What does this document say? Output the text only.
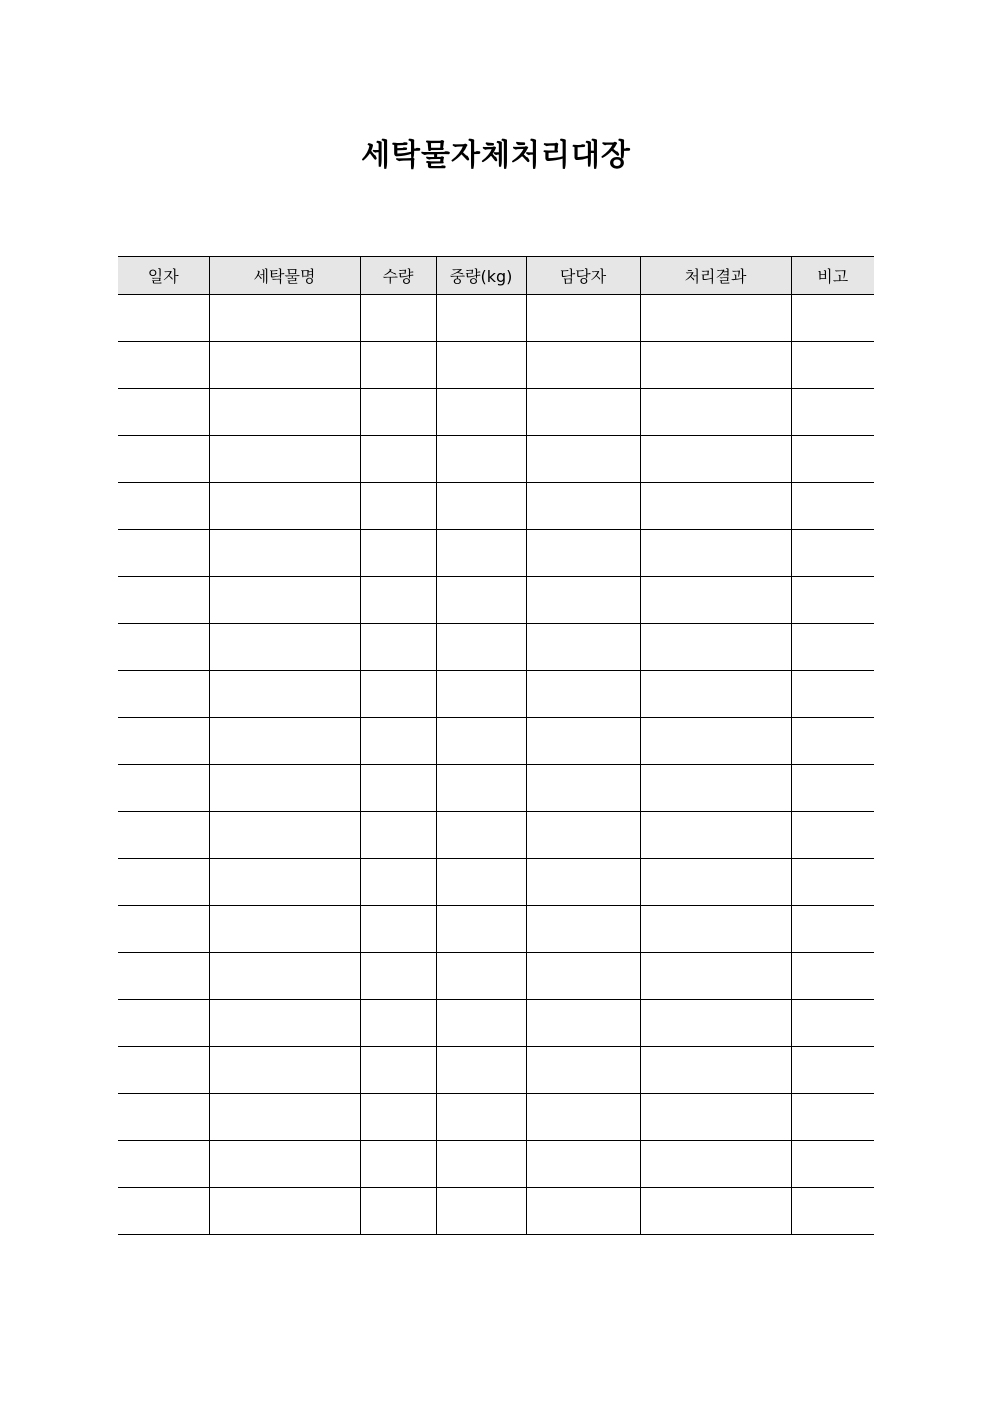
세탁물자체처리대장
일자	세탁물명	수량	중량(kg)	담당자	처리결과	비고
